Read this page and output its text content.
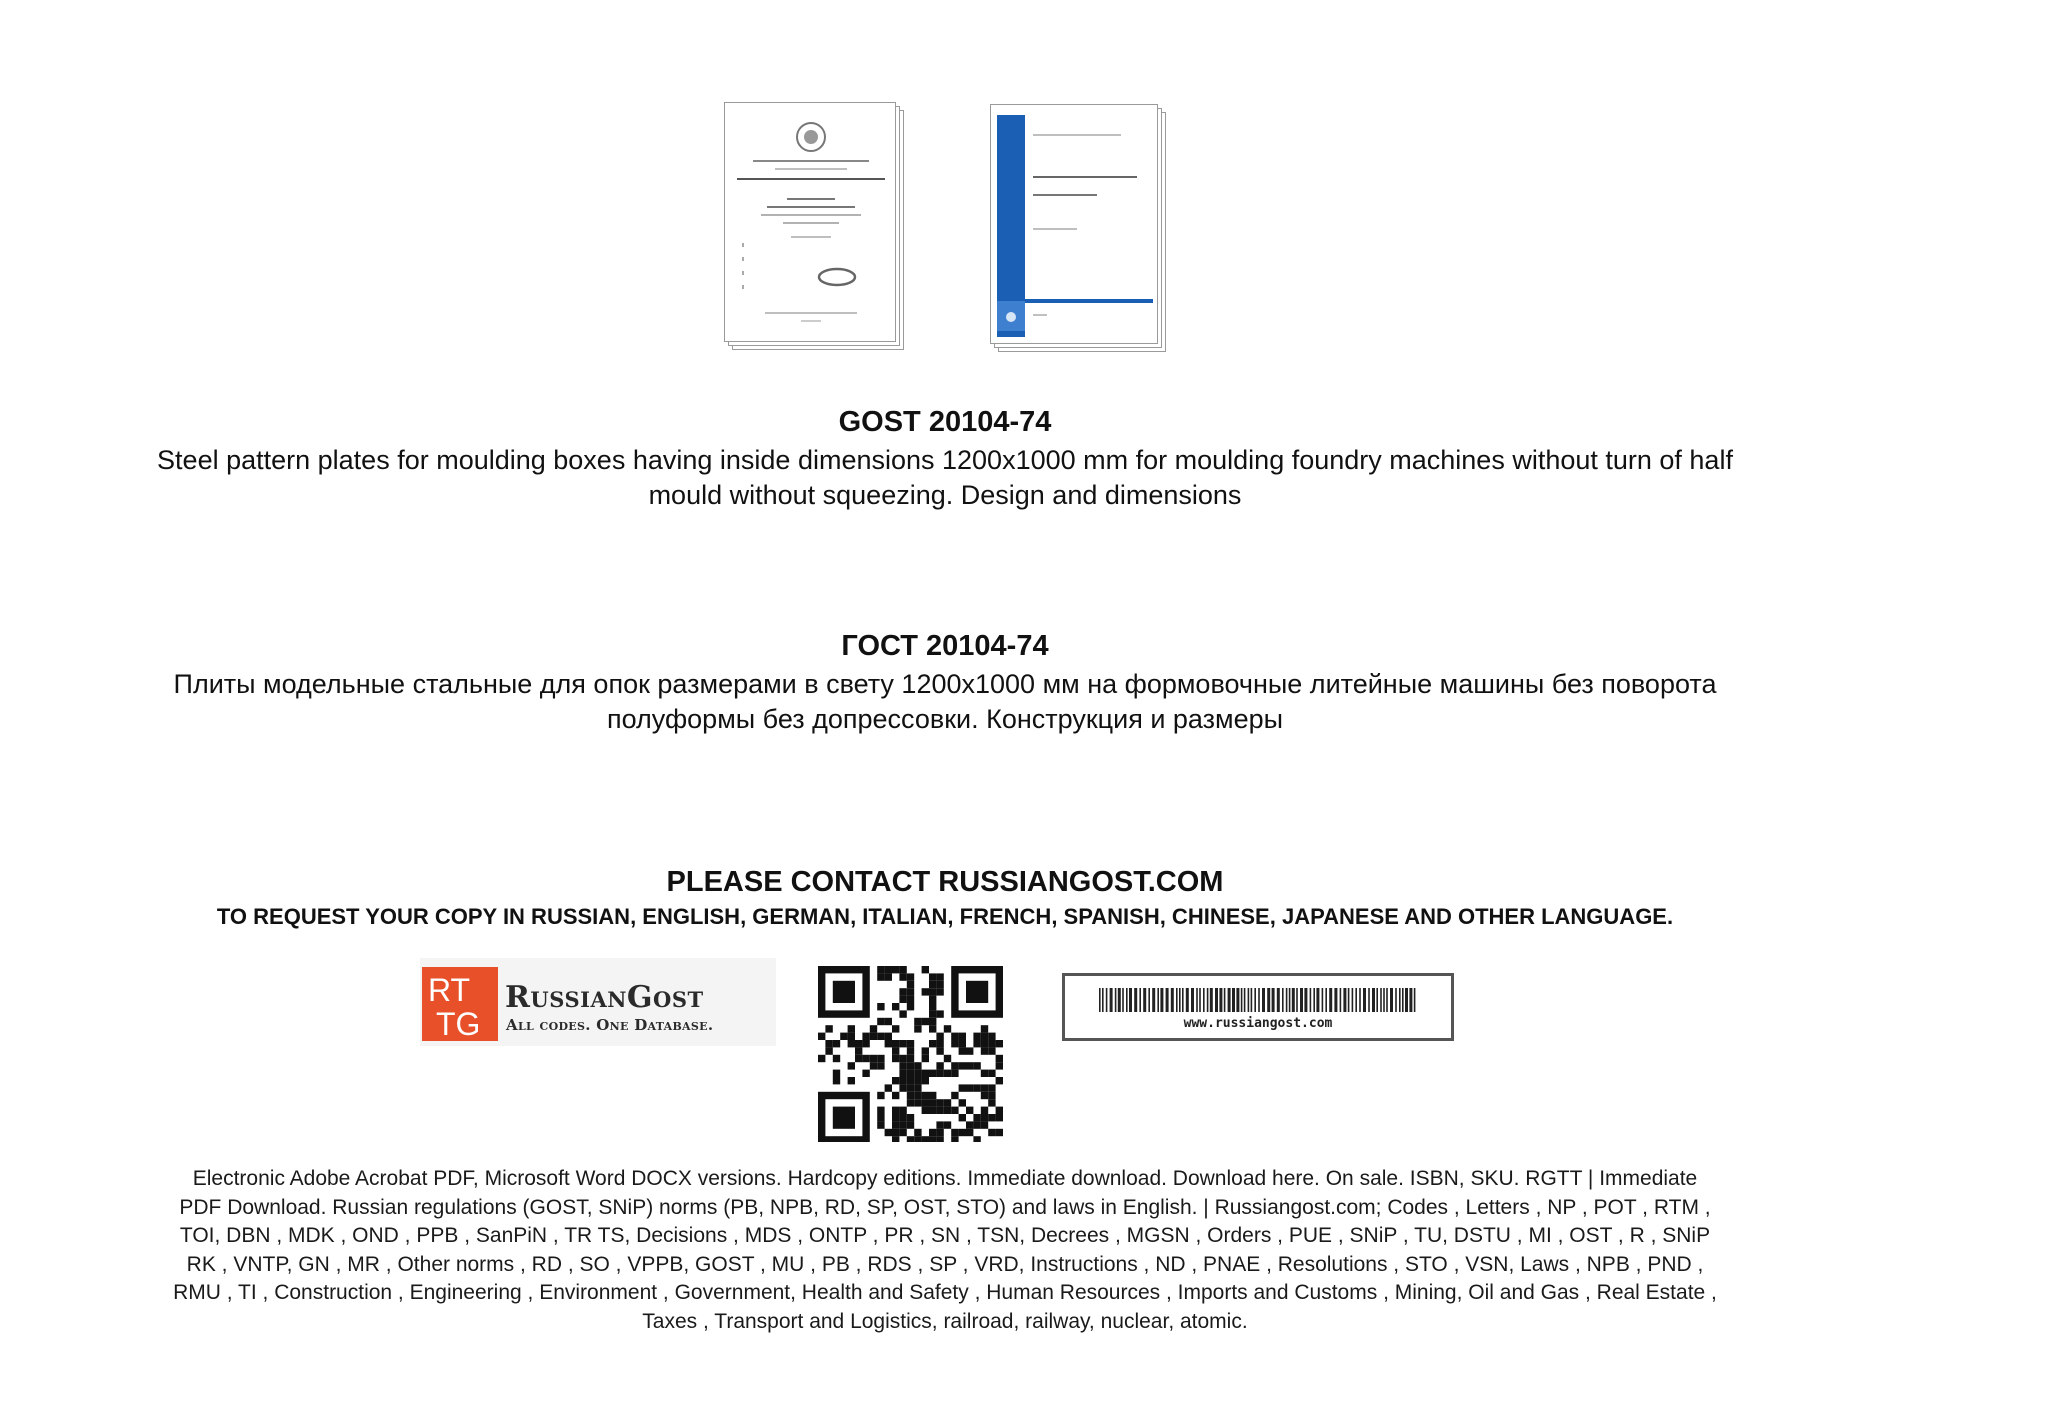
GOST 20104-74
Steel pattern plates for moulding boxes having inside dimensions 1200x1000 mm for moulding foundry machines without turn of half mould without squeezing. Design and dimensions
ГОСТ 20104-74
Плиты модельные стальные для опок размерами в свету 1200x1000 мм на формовочные литейные машины без поворота полуформы без допрессовки. Конструкция и размеры
PLEASE CONTACT RUSSIANGOST.COM
TO REQUEST YOUR COPY IN RUSSIAN, ENGLISH, GERMAN, ITALIAN, FRENCH, SPANISH, CHINESE, JAPANESE AND OTHER LANGUAGE.
RT
TG
RussianGost
All codes. One Database.	www.russiangost.com
Electronic Adobe Acrobat PDF, Microsoft Word DOCX versions. Hardcopy editions. Immediate download. Download here. On sale. ISBN, SKU. RGTT | Immediate PDF Download. Russian regulations (GOST, SNiP) norms (PB, NPB, RD, SP, OST, STO) and laws in English. | Russiangost.com; Codes , Letters , NP , POT , RTM , TOI, DBN , MDK , OND , PPB , SanPiN , TR TS, Decisions , MDS , ONTP , PR , SN , TSN, Decrees , MGSN , Orders , PUE , SNiP , TU, DSTU , MI , OST , R , SNiP RK , VNTP, GN , MR , Other norms , RD , SO , VPPB, GOST , MU , PB , RDS , SP , VRD, Instructions , ND , PNAE , Resolutions , STO , VSN, Laws , NPB , PND , RMU , TI , Construction , Engineering , Environment , Government, Health and Safety , Human Resources , Imports and Customs , Mining, Oil and Gas , Real Estate , Taxes , Transport and Logistics, railroad, railway, nuclear, atomic.
